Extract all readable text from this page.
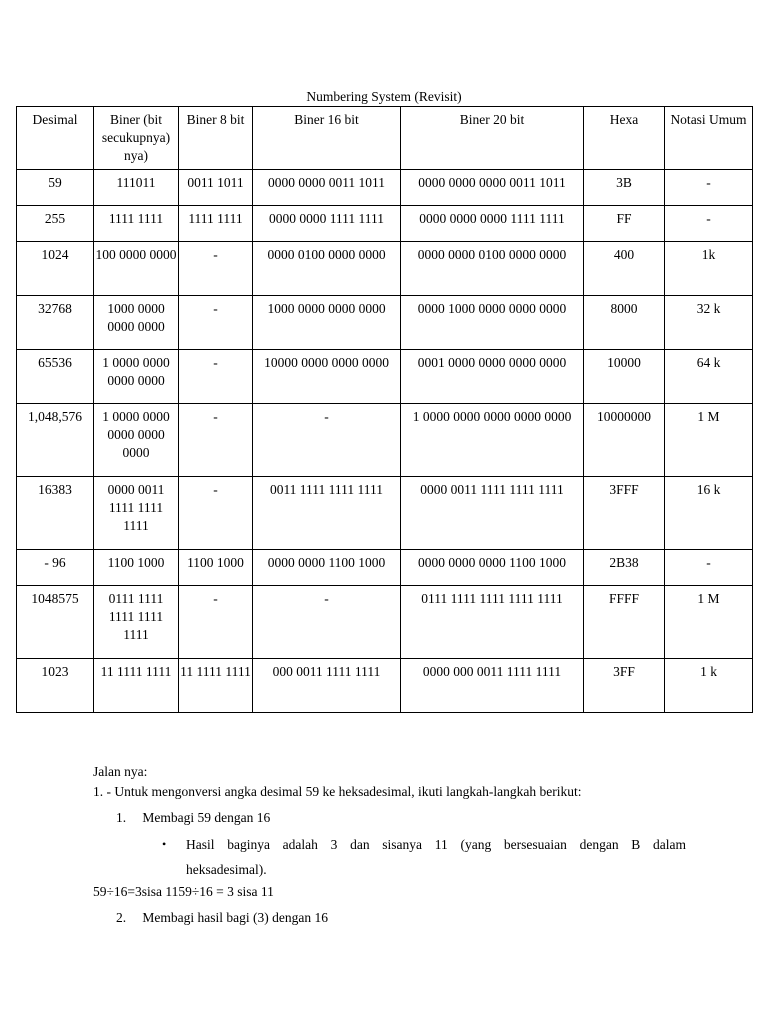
Numbering System (Revisit)
Desimal	Biner (bit secukupnya) nya)	Biner 8 bit	Biner 16 bit	Biner 20 bit	Hexa	Notasi Umum
59	111011	0011 1011	0000 0000 0011 1011	0000 0000 0000 0011 1011	3B	-
255	1111 1111	1111 1111	0000 0000 1111 1111	0000 0000 0000 1111 1111	FF	-
1024	100 0000 0000	-	0000 0100 0000 0000	0000 0000 0100 0000 0000	400	1k
32768	1000 0000 0000 0000	-	1000 0000 0000 0000	0000 1000 0000 0000 0000	8000	32 k
65536	1 0000 0000 0000 0000	-	10000 0000 0000 0000	0001 0000 0000 0000 0000	10000	64 k
1,048,576	1 0000 0000 0000 0000 0000	-	-	1 0000 0000 0000 0000 0000	10000000	1 M
16383	0000 0011 1111 1111 1111	-	0011 1111 1111 1111	0000 0011 1111 1111 1111	3FFF	16 k
- 96	1100 1000	1100 1000	0000 0000 1100 1000	0000 0000 0000 1100 1000	2B38	-
1048575	0111 1111 1111 1111 1111	-	-	0111 1111 1111 1111 1111	FFFF	1 M
1023	11 1111 1111	11 1111 1111	000 0011 1111 1111	0000 000 0011 1111 1111	3FF	1 k

Jalan nya:

1. - Untuk mengonversi angka desimal 59 ke heksadesimal, ikuti langkah-langkah berikut:

1. Membagi 59 dengan 16

•	Hasil baginya adalah 3 dan sisanya 11 (yang bersesuaian dengan B dalam heksadesimal).

59÷16=3sisa 1159÷16 = 3 sisa 11

2. Membagi hasil bagi (3) dengan 16
